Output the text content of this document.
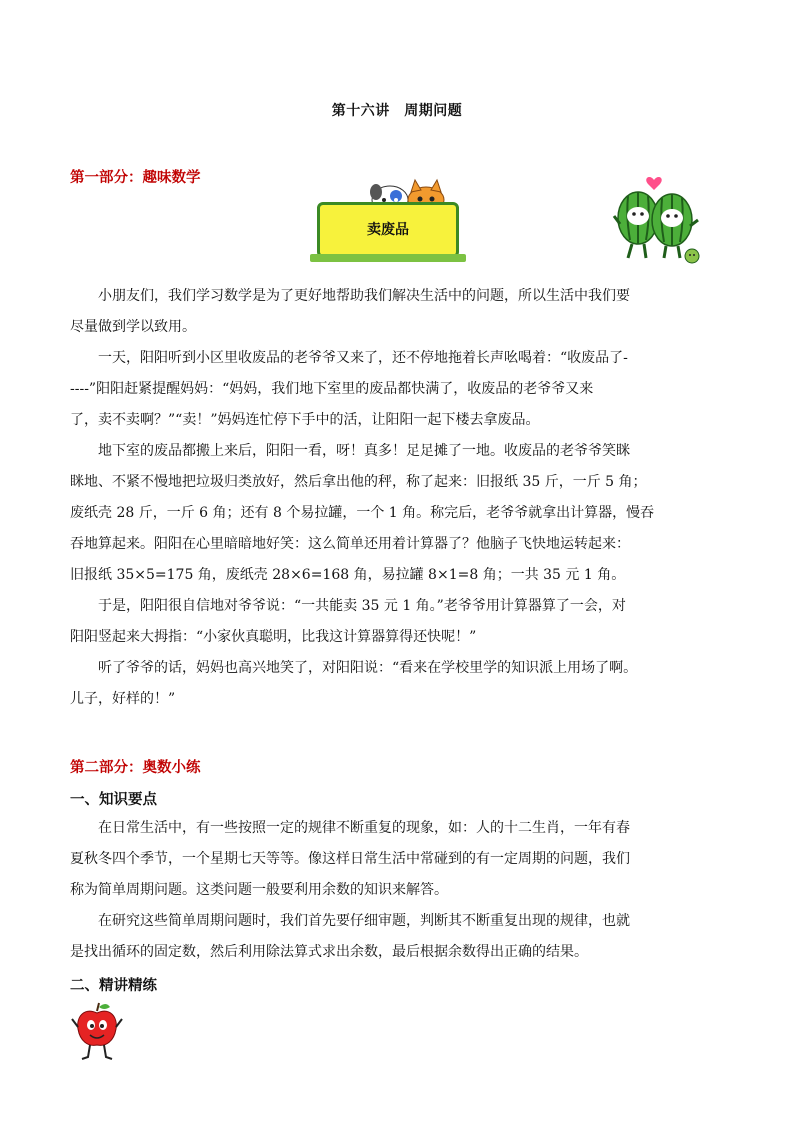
第十六讲　周期问题
第一部分：趣味数学
卖废品
小朋友们，我们学习数学是为了更好地帮助我们解决生活中的问题，所以生活中我们要
尽量做到学以致用。
一天，阳阳听到小区里收废品的老爷爷又来了，还不停地拖着长声吆喝着：“收废品了-
----”阳阳赶紧提醒妈妈：“妈妈，我们地下室里的废品都快满了，收废品的老爷爷又来
了，卖不卖啊？”“卖！”妈妈连忙停下手中的活，让阳阳一起下楼去拿废品。
地下室的废品都搬上来后，阳阳一看，呀！真多！足足摊了一地。收废品的老爷爷笑眯
眯地、不紧不慢地把垃圾归类放好，然后拿出他的秤，称了起来：旧报纸 35 斤，一斤 5 角；
废纸壳 28 斤，一斤 6 角；还有 8 个易拉罐，一个 1 角。称完后，老爷爷就拿出计算器，慢吞
吞地算起来。阳阳在心里暗暗地好笑：这么简单还用着计算器了？他脑子飞快地运转起来：
旧报纸 35×5=175 角，废纸壳 28×6=168 角，易拉罐 8×1=8 角；一共 35 元 1 角。
于是，阳阳很自信地对爷爷说：“一共能卖 35 元 1 角。”老爷爷用计算器算了一会，对
阳阳竖起来大拇指：“小家伙真聪明，比我这计算器算得还快呢！”
听了爷爷的话，妈妈也高兴地笑了，对阳阳说：“看来在学校里学的知识派上用场了啊。
儿子，好样的！”
第二部分：奥数小练
一、知识要点
在日常生活中，有一些按照一定的规律不断重复的现象，如：人的十二生肖，一年有春
夏秋冬四个季节，一个星期七天等等。像这样日常生活中常碰到的有一定周期的问题，我们
称为简单周期问题。这类问题一般要利用余数的知识来解答。
在研究这些简单周期问题时，我们首先要仔细审题，判断其不断重复出现的规律，也就
是找出循环的固定数，然后利用除法算式求出余数，最后根据余数得出正确的结果。
二、精讲精练
